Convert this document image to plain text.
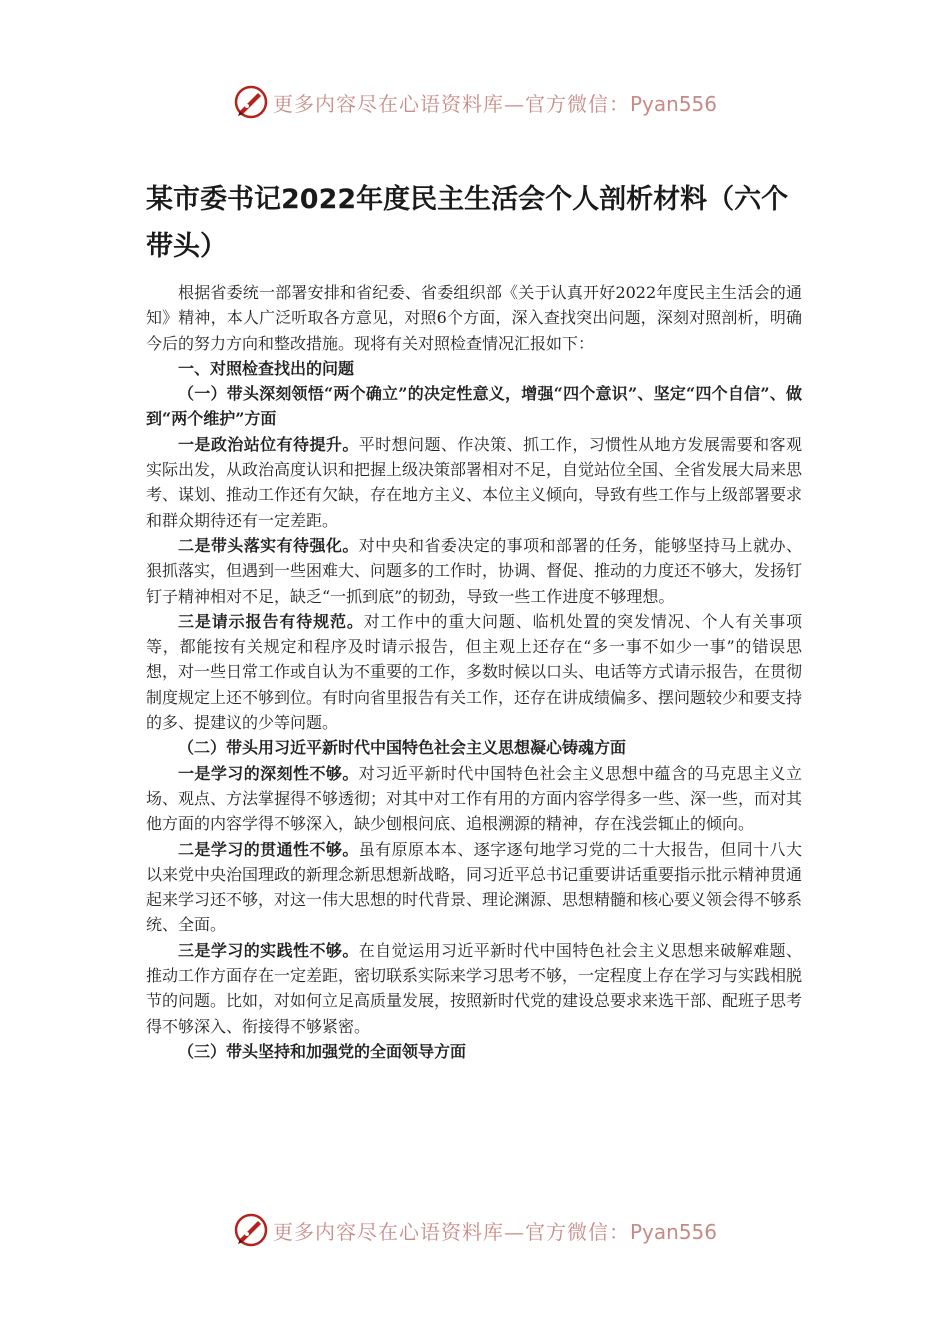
更多内容尽在心语资料库—官方微信：Pyan556
某市委书记2022年度民主生活会个人剖析材料（六个带头）

根据省委统一部署安排和省纪委、省委组织部《关于认真开好2022年度民主生活会的通知》精神，本人广泛听取各方意见，对照6个方面，深入查找突出问题，深刻对照剖析，明确今后的努力方向和整改措施。现将有关对照检查情况汇报如下：

一、对照检查找出的问题

（一）带头深刻领悟“两个确立”的决定性意义，增强“四个意识”、坚定“四个自信”、做到“两个维护”方面

一是政治站位有待提升。平时想问题、作决策、抓工作，习惯性从地方发展需要和客观实际出发，从政治高度认识和把握上级决策部署相对不足，自觉站位全国、全省发展大局来思考、谋划、推动工作还有欠缺，存在地方主义、本位主义倾向，导致有些工作与上级部署要求和群众期待还有一定差距。

二是带头落实有待强化。对中央和省委决定的事项和部署的任务，能够坚持马上就办、狠抓落实，但遇到一些困难大、问题多的工作时，协调、督促、推动的力度还不够大，发扬钉钉子精神相对不足，缺乏“一抓到底”的韧劲，导致一些工作进度不够理想。

三是请示报告有待规范。对工作中的重大问题、临机处置的突发情况、个人有关事项等，都能按有关规定和程序及时请示报告，但主观上还存在“多一事不如少一事”的错误思想，对一些日常工作或自认为不重要的工作，多数时候以口头、电话等方式请示报告，在贯彻制度规定上还不够到位。有时向省里报告有关工作，还存在讲成绩偏多、摆问题较少和要支持的多、提建议的少等问题。

（二）带头用习近平新时代中国特色社会主义思想凝心铸魂方面

一是学习的深刻性不够。对习近平新时代中国特色社会主义思想中蕴含的马克思主义立场、观点、方法掌握得不够透彻；对其中对工作有用的方面内容学得多一些、深一些，而对其他方面的内容学得不够深入，缺少刨根问底、追根溯源的精神，存在浅尝辄止的倾向。

二是学习的贯通性不够。虽有原原本本、逐字逐句地学习党的二十大报告，但同十八大以来党中央治国理政的新理念新思想新战略，同习近平总书记重要讲话重要指示批示精神贯通起来学习还不够，对这一伟大思想的时代背景、理论渊源、思想精髓和核心要义领会得不够系统、全面。

三是学习的实践性不够。在自觉运用习近平新时代中国特色社会主义思想来破解难题、推动工作方面存在一定差距，密切联系实际来学习思考不够，一定程度上存在学习与实践相脱节的问题。比如，对如何立足高质量发展，按照新时代党的建设总要求来选干部、配班子思考得不够深入、衔接得不够紧密。

（三）带头坚持和加强党的全面领导方面

更多内容尽在心语资料库—官方微信：Pyan556
